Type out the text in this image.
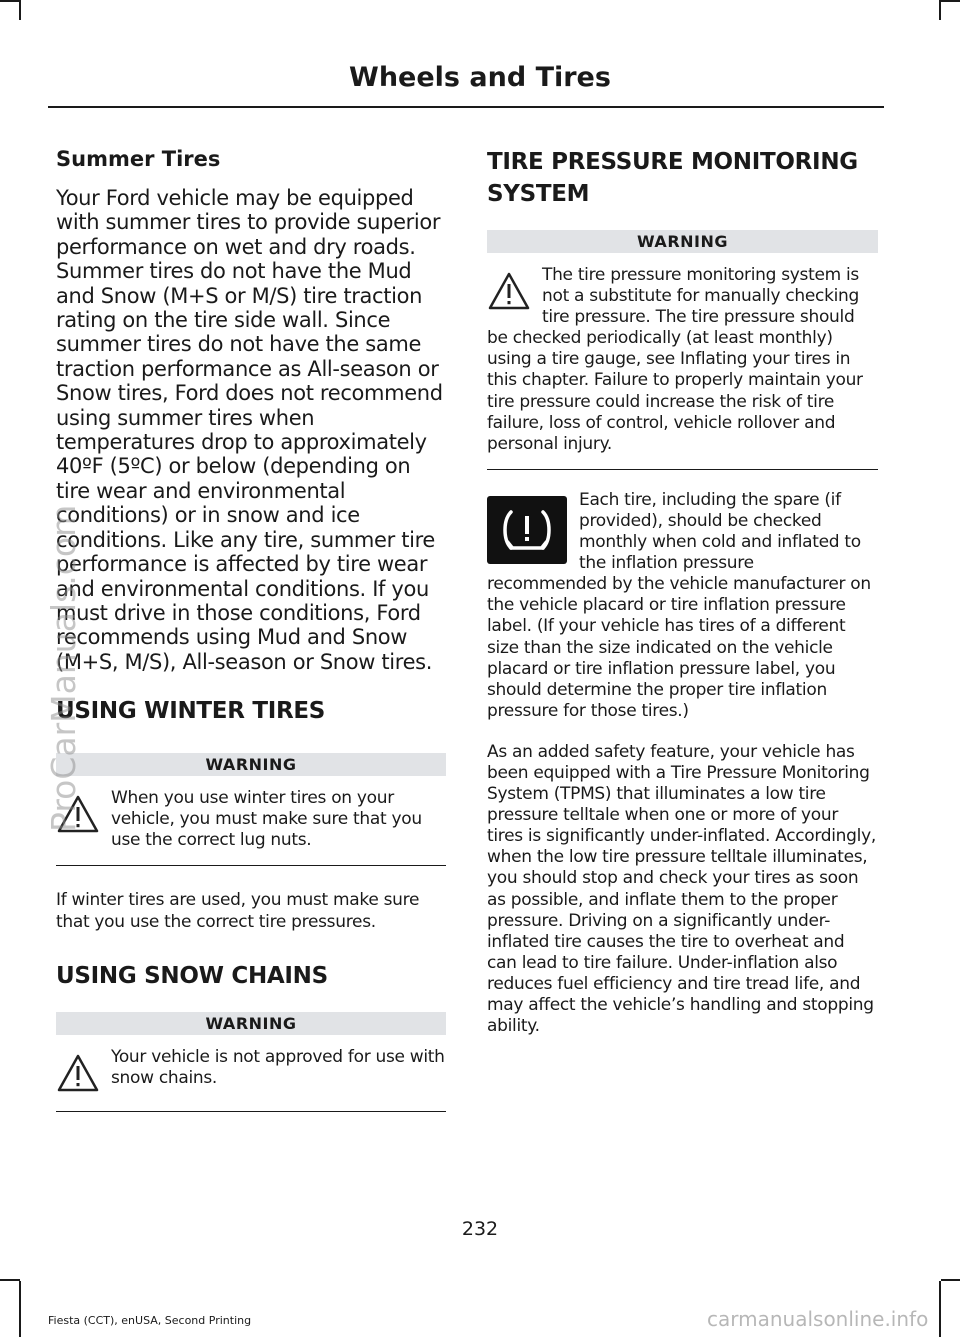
Wheels and Tires
Summer Tires

Your Ford vehicle may be equipped with summer tires to provide superior performance on wet and dry roads. Summer tires do not have the Mud and Snow (M+S or M/S) tire traction rating on the tire side wall. Since summer tires do not have the same traction performance as All-season or Snow tires, Ford does not recommend using summer tires when temperatures drop to approximately 40ºF (5ºC) or below (depending on tire wear and environmental conditions) or in snow and ice conditions. Like any tire, summer tire performance is affected by tire wear and environmental conditions. If you must drive in those conditions, Ford recommends using Mud and Snow (M+S, M/S), All-season or Snow tires.

USING WINTER TIRES
WARNING

When you use winter tires on your vehicle, you must make sure that you use the correct lug nuts.

If winter tires are used, you must make sure that you use the correct tire pressures.

USING SNOW CHAINS
WARNING

Your vehicle is not approved for use with snow chains.

TIRE PRESSURE MONITORING SYSTEM
WARNING

The tire pressure monitoring system is not a substitute for manually checking tire pressure. The tire pressure should be checked periodically (at least monthly) using a tire gauge, see Inflating your tires in this chapter. Failure to properly maintain your tire pressure could increase the risk of tire failure, loss of control, vehicle rollover and personal injury.

Each tire, including the spare (if provided), should be checked monthly when cold and inflated to the inflation pressure recommended by the vehicle manufacturer on the vehicle placard or tire inflation pressure label. (If your vehicle has tires of a different size than the size indicated on the vehicle placard or tire inflation pressure label, you should determine the proper tire inflation pressure for those tires.)

As an added safety feature, your vehicle has been equipped with a Tire Pressure Monitoring System (TPMS) that illuminates a low tire pressure telltale when one or more of your tires is significantly under-inflated. Accordingly, when the low tire pressure telltale illuminates, you should stop and check your tires as soon as possible, and inflate them to the proper pressure. Driving on a significantly under-inflated tire causes the tire to overheat and can lead to tire failure. Under-inflation also reduces fuel efficiency and tire tread life, and may affect the vehicle’s handling and stopping ability.

232
Fiesta (CCT), enUSA, Second Printing
ProCarManuals.com
carmanualsonline.info
